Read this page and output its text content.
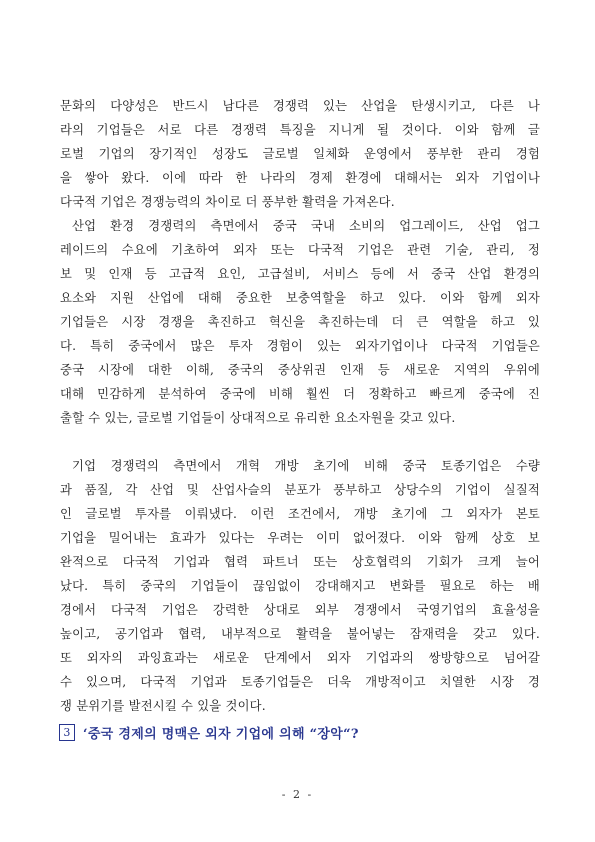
문화의 다양성은 반드시 남다른 경쟁력 있는 산업을 탄생시키고, 다른 나
라의 기업들은 서로 다른 경쟁력 특징을 지니게 될 것이다. 이와 함께 글
로벌 기업의 장기적인 성장도 글로벌 일체화 운영에서 풍부한 관리 경험
을 쌓아 왔다. 이에 따라 한 나라의 경제 환경에 대해서는 외자 기업이나
다국적 기업은 경쟁능력의 차이로 더 풍부한 활력을 가져온다.
산업 환경 경쟁력의 측면에서 중국 국내 소비의 업그레이드, 산업 업그
레이드의 수요에 기초하여 외자 또는 다국적 기업은 관련 기술, 관리, 정
보 및 인재 등 고급적 요인, 고급설비, 서비스 등에 서 중국 산업 환경의
요소와 지원 산업에 대해 중요한 보충역할을 하고 있다. 이와 함께 외자
기업들은 시장 경쟁을 촉진하고 혁신을 촉진하는데 더 큰 역할을 하고 있
다. 특히 중국에서 많은 투자 경험이 있는 외자기업이나 다국적 기업들은
중국 시장에 대한 이해, 중국의 중상위권 인재 등 새로운 지역의 우위에
대해 민감하게 분석하여 중국에 비해 훨씬 더 정확하고 빠르게 중국에 진
출할 수 있는, 글로벌 기업들이 상대적으로 유리한 요소자원을 갖고 있다.
기업 경쟁력의 측면에서 개혁 개방 초기에 비해 중국 토종기업은 수량
과 품질, 각 산업 및 산업사슬의 분포가 풍부하고 상당수의 기업이 실질적
인 글로벌 투자를 이뤄냈다. 이런 조건에서, 개방 초기에 그 외자가 본토
기업을 밀어내는 효과가 있다는 우려는 이미 없어졌다. 이와 함께 상호 보
완적으로 다국적 기업과 협력 파트너 또는 상호협력의 기회가 크게 늘어
났다. 특히 중국의 기업들이 끊임없이 강대해지고 변화를 필요로 하는 배
경에서 다국적 기업은 강력한 상대로 외부 경쟁에서 국영기업의 효율성을
높이고, 공기업과 협력, 내부적으로 활력을 불어넣는 잠재력을 갖고 있다.
또 외자의 과잉효과는 새로운 단계에서 외자 기업과의 쌍방향으로 넘어갈
수 있으며, 다국적 기업과 토종기업들은 더욱 개방적이고 치열한 시장 경
쟁 분위기를 발전시킬 수 있을 것이다.
3 ‘중국 경제의 명맥은 외자 기업에 의해 “장악“?
- 2 -
